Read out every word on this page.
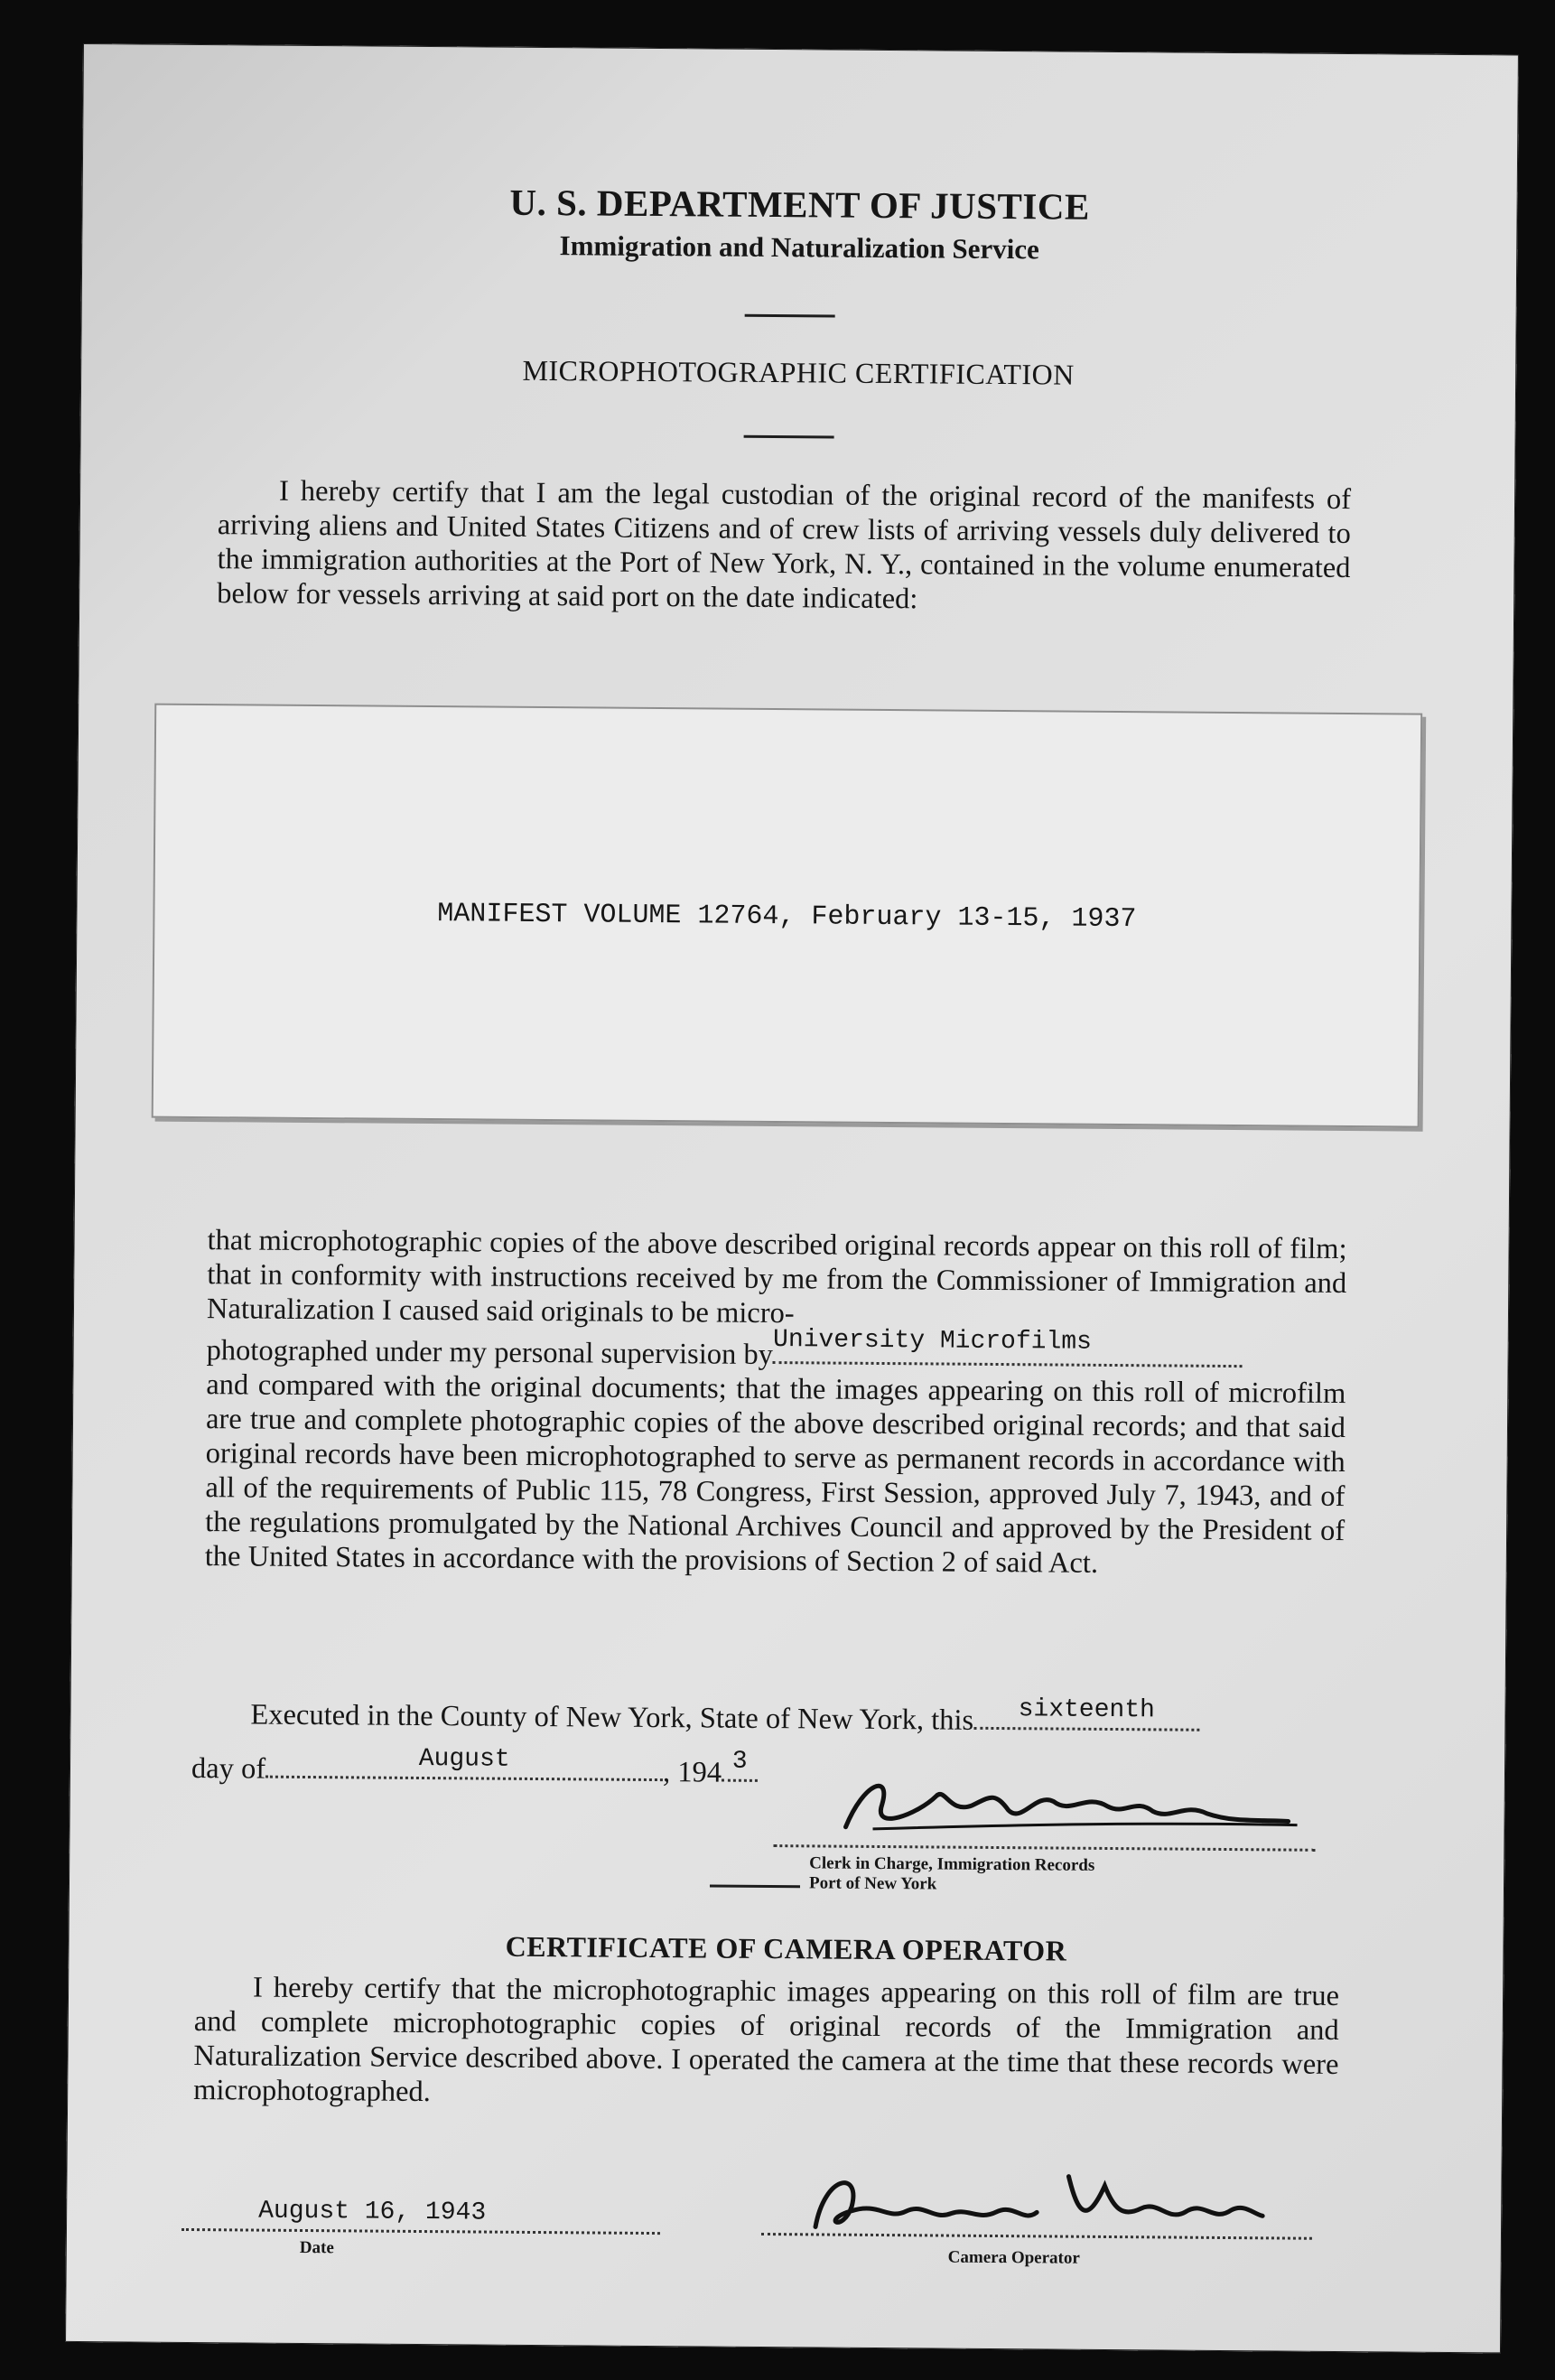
U. S. DEPARTMENT OF JUSTICE
Immigration and Naturalization Service
MICROPHOTOGRAPHIC CERTIFICATION
I hereby certify that I am the legal custodian of the original record of the manifests of arriving aliens and United States Citizens and of crew lists of arriving vessels duly delivered to the immigration authorities at the Port of New York, N. Y., contained in the volume enumerated below for vessels arriving at said port on the date indicated:
MANIFEST VOLUME 12764, February 13-15, 1937
that microphotographic copies of the above described original records appear on this roll of film; that in conformity with instructions received by me from the Commissioner of Immigration and Naturalization I caused said originals to be micro-
photographed under my personal supervision by University Microfilms
and compared with the original documents; that the images appearing on this roll of microfilm are true and complete photographic copies of the above described original records; and that said original records have been microphotographed to serve as permanent records in accordance with all of the requirements of Public 115, 78 Congress, First Session, approved July 7, 1943, and of the regulations promulgated by the National Archives Council and approved by the President of the United States in accordance with the provisions of Section 2 of said Act.
Executed in the County of New York, State of New York, this	sixteenth
day of	August	, 194 3
Clerk in Charge, Immigration Records
Port of New York
CERTIFICATE OF CAMERA OPERATOR
I hereby certify that the microphotographic images appearing on this roll of film are true and complete microphotographic copies of original records of the Immigration and Naturalization Service described above. I operated the camera at the time that these records were microphotographed.
August 16, 1943
Date	Camera Operator
